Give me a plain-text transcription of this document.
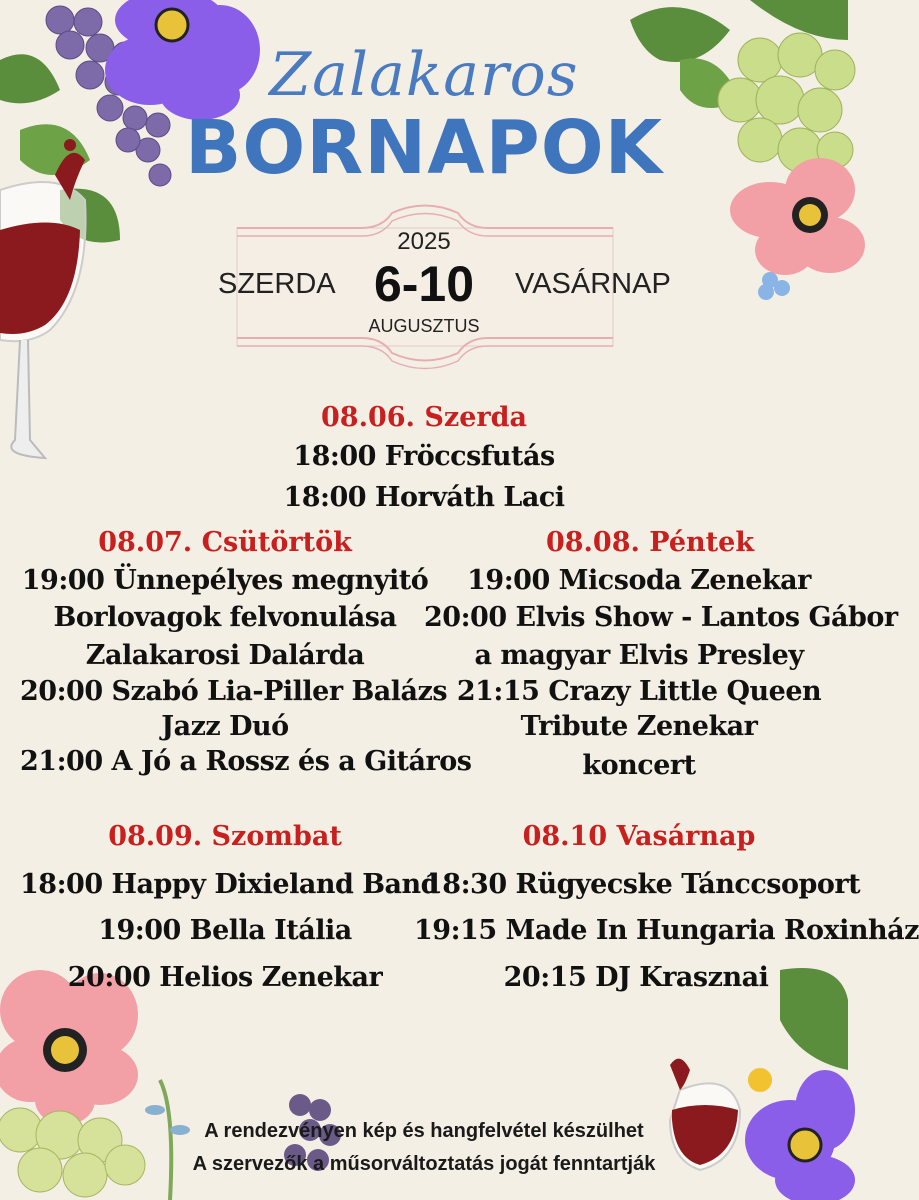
Zalakaros
BORNAPOK
2025
SZERDA 6-10	VASÁRNAP
AUGUSZTUS
08.06. Szerda
18:00 Fröccsfutás
18:00 Horváth Laci
08.07. Csütörtök
19:00 Ünnepélyes megnyitó
Borlovagok felvonulása
Zalakarosi Dalárda
20:00 Szabó Lia-Piller Balázs
Jazz Duó
21:00 A Jó a Rossz és a Gitáros
08.08. Péntek
19:00 Micsoda Zenekar
20:00 Elvis Show - Lantos Gábor
a magyar Elvis Presley
21:15 Crazy Little Queen
Tribute Zenekar
koncert
08.09. Szombat
18:00 Happy Dixieland Band
19:00 Bella Itália
20:00 Helios Zenekar
08.10 Vasárnap
18:30 Rügyecske Tánccsoport
19:15 Made In Hungaria Roxinház
20:15 DJ Krasznai
A rendezvényen kép és hangfelvétel készülhet
A szervezők a műsorváltoztatás jogát fenntartják
